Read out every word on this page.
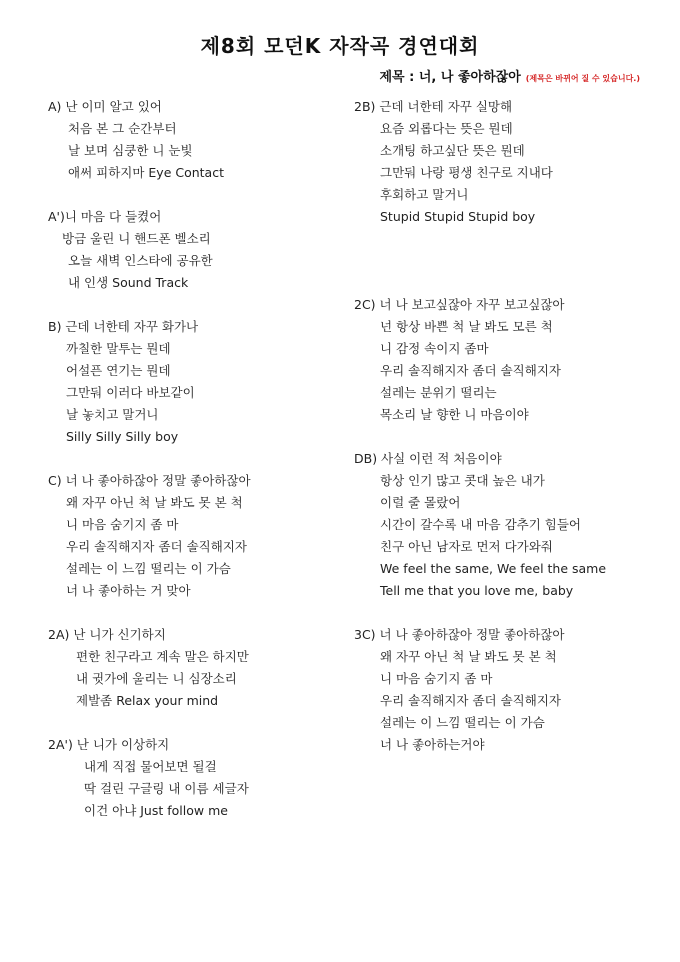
제8회 모던K 자작곡 경연대회
제목 : 너, 나 좋아하잖아 (제목은 바뀌어 질 수 있습니다.)
A) 난 이미 알고 있어
처음 본 그 순간부터
날 보며 심쿵한 니 눈빛
애써 피하지마 Eye Contact
A')니 마음 다 들켰어
방금 울린 니 핸드폰 벨소리
오늘 새벽 인스타에 공유한
내 인생 Sound Track
B) 근데 너한테 자꾸 화가나
까칠한 말투는 뭔데
어설픈 연기는 뭔데
그만둬 이러다 바보같이
날 놓치고 말거니
Silly Silly Silly boy
C) 너 나 좋아하잖아 정말 좋아하잖아
왜 자꾸 아닌 척 날 봐도 못 본 척
니 마음 숨기지 좀 마
우리 솔직해지자 좀더 솔직해지자
설레는 이 느낌 떨리는 이 가슴
너 나 좋아하는 거 맞아
2A) 난 니가 신기하지
편한 친구라고 계속 말은 하지만
내 귓가에 울리는 니 심장소리
제발좀 Relax your mind
2A') 난 니가 이상하지
내게 직접 물어보면 될걸
딱 걸린 구글링 내 이름 세글자
이건 아냐 Just follow me
2B) 근데 너한테 자꾸 실망해
요즘 외롭다는 뜻은 뭔데
소개팅 하고싶단 뜻은 뭔데
그만둬 나랑 평생 친구로 지내다
후회하고 말거니
Stupid Stupid Stupid boy
2C) 너 나 보고싶잖아 자꾸 보고싶잖아
넌 항상 바쁜 척 날 봐도 모른 척
니 감정 속이지 좀마
우리 솔직해지자 좀더 솔직해지자
설레는 분위기 떨리는
목소리 날 향한 니 마음이야
DB) 사실 이런 적 처음이야
항상 인기 많고 콧대 높은 내가
이럴 줄 몰랐어
시간이 갈수록 내 마음 감추기 힘들어
친구 아닌 남자로 먼저 다가와줘
We feel the same, We feel the same
Tell me that you love me, baby
3C) 너 나 좋아하잖아 정말 좋아하잖아
왜 자꾸 아닌 척 날 봐도 못 본 척
니 마음 숨기지 좀 마
우리 솔직해지자 좀더 솔직해지자
설레는 이 느낌 떨리는 이 가슴
너 나 좋아하는거야
